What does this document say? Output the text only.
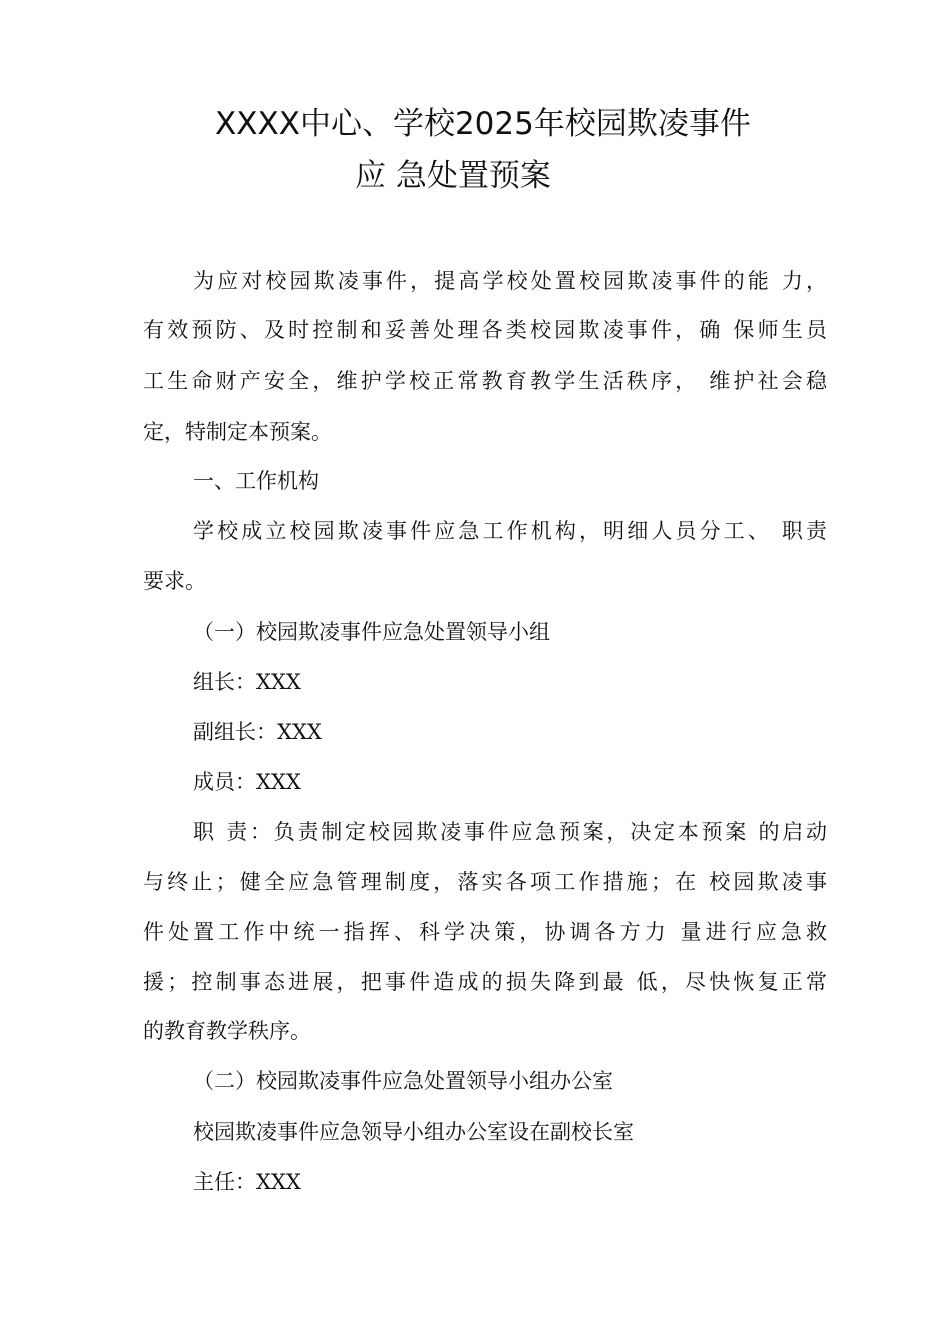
XXXX中心、学校2025年校园欺凌事件
应 急处置预案
为应对校园欺凌事件，提高学校处置校园欺凌事件的能 力，
有效预防、及时控制和妥善处理各类校园欺凌事件，确 保师生员
工生命财产安全，维护学校正常教育教学生活秩序， 维护社会稳
定，特制定本预案。
一、工作机构
学校成立校园欺凌事件应急工作机构，明细人员分工、 职责
要求。
（一）校园欺凌事件应急处置领导小组
组长：XXX
副组长：XXX
成员：XXX
职 责：负责制定校园欺凌事件应急预案，决定本预案 的启动
与终止；健全应急管理制度，落实各项工作措施；在 校园欺凌事
件处置工作中统一指挥、科学决策，协调各方力 量进行应急救
援；控制事态进展，把事件造成的损失降到最 低，尽快恢复正常
的教育教学秩序。
（二）校园欺凌事件应急处置领导小组办公室
校园欺凌事件应急领导小组办公室设在副校长室
主任：XXX
